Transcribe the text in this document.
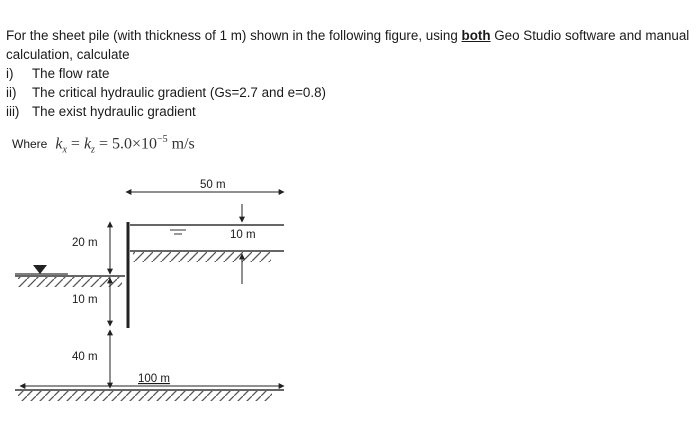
For the sheet pile (with thickness of 1 m) shown in the following figure, using both Geo Studio software and manual calculation, calculate

i)	The flow rate
ii)	The critical hydraulic gradient (Gs=2.7 and e=0.8)
iii) The exist hydraulic gradient
Where $k_x = k_z = 5.0\times 10^{-5}$ m/s
50 m
10 m
20 m
10 m
40 m
100 m
